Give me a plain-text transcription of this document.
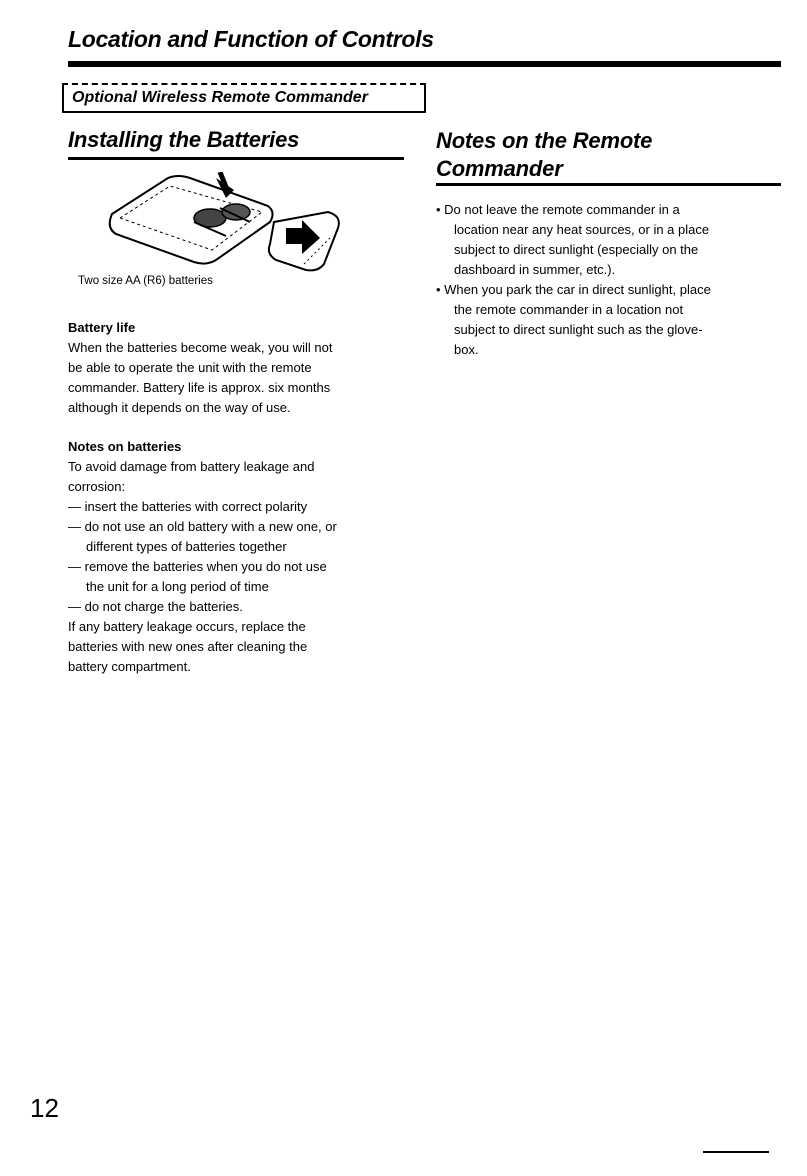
Location and Function of Controls
Optional Wireless Remote Commander
Installing the Batteries
Two size AA (R6) batteries
Battery life
When the batteries become weak, you will not
be able to operate the unit with the remote
commander. Battery life is approx. six months
although it depends on the way of use.
Notes on batteries
To avoid damage from battery leakage and
corrosion:
— insert the batteries with correct polarity
— do not use an old battery with a new one, or
different types of batteries together
— remove the batteries when you do not use
the unit for a long period of time
— do not charge the batteries.
If any battery leakage occurs, replace the
batteries with new ones after cleaning the
battery compartment.
Notes on the Remote
Commander
• Do not leave the remote commander in a
location near any heat sources, or in a place
subject to direct sunlight (especially on the
dashboard in summer, etc.).
• When you park the car in direct sunlight, place
the remote commander in a location not
subject to direct sunlight such as the glove-
box.
12
